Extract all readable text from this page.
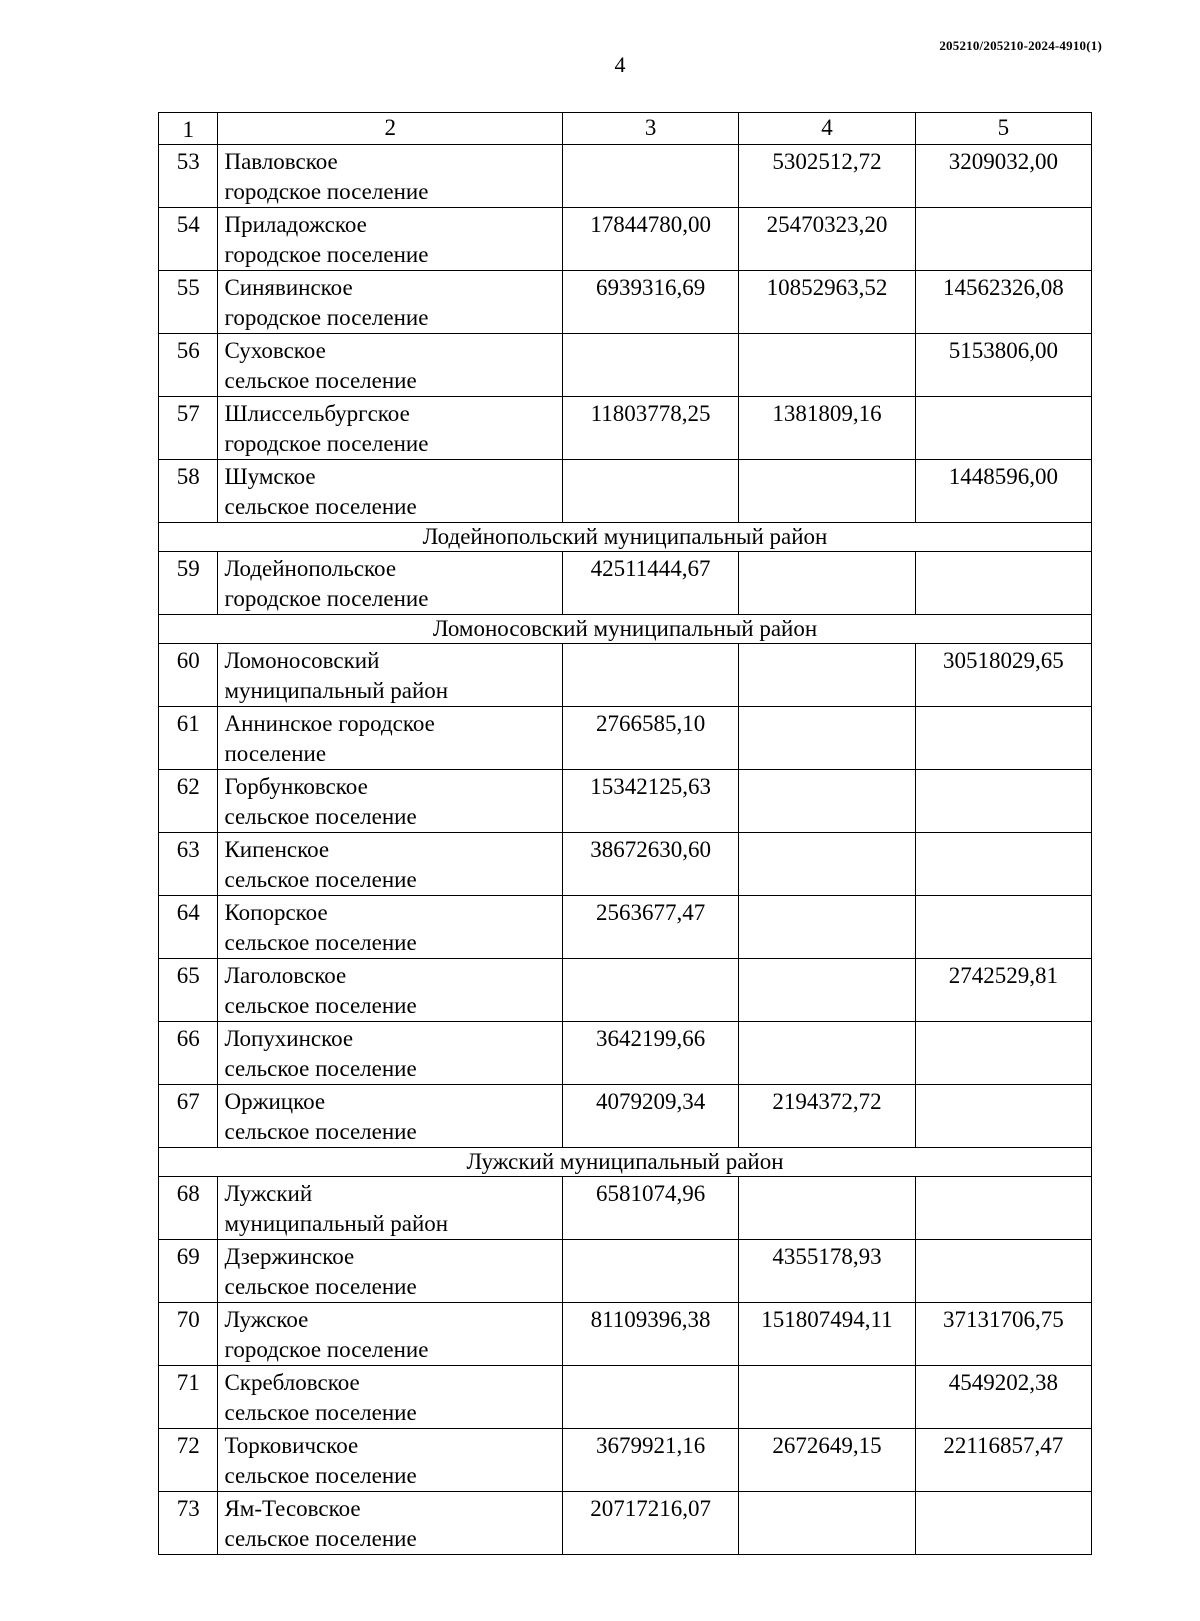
205210/205210-2024-4910(1)
4
1	2	3	4	5
53	Павловское
городское поселение		5302512,72	3209032,00
54	Приладожское
городское поселение	17844780,00	25470323,20	
55	Синявинское
городское поселение	6939316,69	10852963,52	14562326,08
56	Суховское
сельское поселение			5153806,00
57	Шлиссельбургское
городское поселение	11803778,25	1381809,16	
58	Шумское
сельское поселение			1448596,00
Лодейнопольский муниципальный район				
59	Лодейнопольское
городское поселение	42511444,67		
Ломоносовский муниципальный район				
60	Ломоносовский
муниципальный район			30518029,65
61	Аннинское городское
поселение	2766585,10		
62	Горбунковское
сельское поселение	15342125,63		
63	Кипенское
сельское поселение	38672630,60		
64	Копорское
сельское поселение	2563677,47		
65	Лаголовское
сельское поселение			2742529,81
66	Лопухинское
сельское поселение	3642199,66		
67	Оржицкое
сельское поселение	4079209,34	2194372,72	
Лужский муниципальный район				
68	Лужский
муниципальный район	6581074,96		
69	Дзержинское
сельское поселение		4355178,93	
70	Лужское
городское поселение	81109396,38	151807494,11	37131706,75
71	Скребловское
сельское поселение			4549202,38
72	Торковичское
сельское поселение	3679921,16	2672649,15	22116857,47
73	Ям-Тесовское
сельское поселение	20717216,07		
